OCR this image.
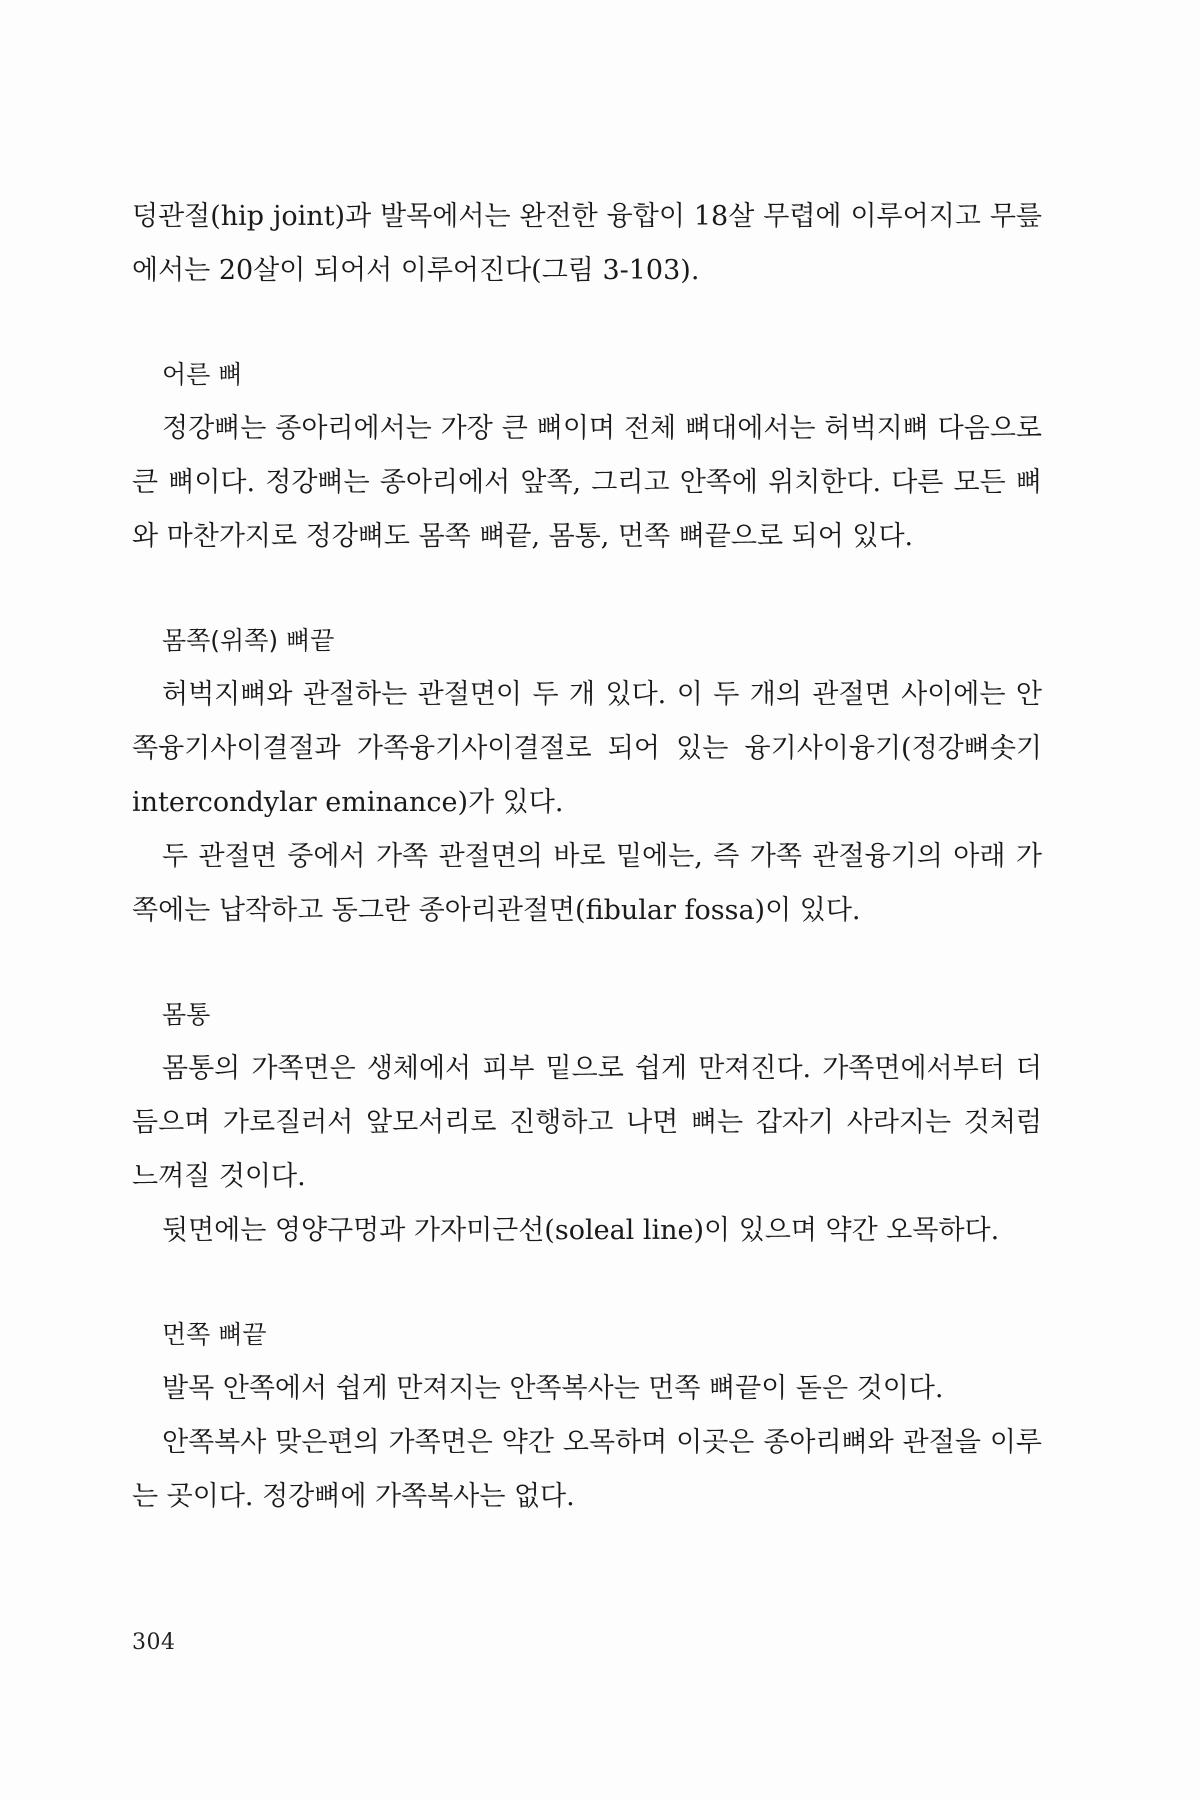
덩관절(hip joint)과 발목에서는 완전한 융합이 18살 무렵에 이루어지고 무릎에서는 20살이 되어서 이루어진다(그림 3-103).

어른 뼈

정강뼈는 종아리에서는 가장 큰 뼈이며 전체 뼈대에서는 허벅지뼈 다음으로 큰 뼈이다. 정강뼈는 종아리에서 앞쪽, 그리고 안쪽에 위치한다. 다른 모든 뼈와 마찬가지로 정강뼈도 몸쪽 뼈끝, 몸통, 먼쪽 뼈끝으로 되어 있다.

몸쪽(위쪽) 뼈끝

허벅지뼈와 관절하는 관절면이 두 개 있다. 이 두 개의 관절면 사이에는 안쪽융기사이결절과 가쪽융기사이결절로 되어 있는 융기사이융기(정강뼈솟기 intercondylar eminance)가 있다.

두 관절면 중에서 가쪽 관절면의 바로 밑에는, 즉 가쪽 관절융기의 아래 가쪽에는 납작하고 동그란 종아리관절면(fibular fossa)이 있다.

몸통

몸통의 가쪽면은 생체에서 피부 밑으로 쉽게 만져진다. 가쪽면에서부터 더듬으며 가로질러서 앞모서리로 진행하고 나면 뼈는 갑자기 사라지는 것처럼 느껴질 것이다.

뒷면에는 영양구멍과 가자미근선(soleal line)이 있으며 약간 오목하다.

먼쪽 뼈끝

발목 안쪽에서 쉽게 만져지는 안쪽복사는 먼쪽 뼈끝이 돋은 것이다.

안쪽복사 맞은편의 가쪽면은 약간 오목하며 이곳은 종아리뼈와 관절을 이루는 곳이다. 정강뼈에 가쪽복사는 없다.

304
